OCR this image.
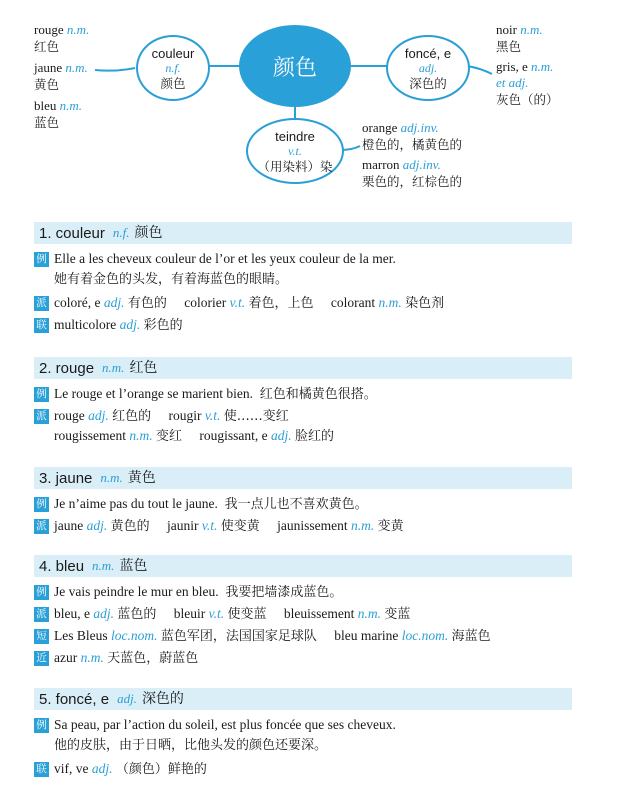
rouge n.m.
红色
jaune n.m.
黄色
bleu n.m.
蓝色
couleur
n.f.
颜色
颜色
foncé, e
adj.
深色的
teindre
v.t.
（用染料）染
noir n.m.
黑色
gris, e n.m.
et adj.
灰色（的）
orange adj.inv.
橙色的，橘黄色的
marron adj.inv.
栗色的，红棕色的
1. couleur n.f. 颜色
例 Elle a les cheveux couleur de l’or et les yeux couleur de la mer.
她有着金色的头发，有着海蓝色的眼睛。
派 coloré, e adj. 有色的 colorier v.t. 着色，上色 colorant n.m. 染色剂
联 multicolore adj. 彩色的
2. rouge n.m. 红色
例 Le rouge et l’orange se marient bien. 红色和橘黄色很搭。
派 rouge adj. 红色的 rougir v.t. 使……变红
rougissement n.m. 变红 rougissant, e adj. 脸红的
3. jaune n.m. 黄色
例 Je n’aime pas du tout le jaune. 我一点儿也不喜欢黄色。
派 jaune adj. 黄色的 jaunir v.t. 使变黄 jaunissement n.m. 变黄
4. bleu n.m. 蓝色
例 Je vais peindre le mur en bleu. 我要把墙漆成蓝色。
派 bleu, e adj. 蓝色的 bleuir v.t. 使变蓝 bleuissement n.m. 变蓝
短 Les Bleus loc.nom. 蓝色军团，法国国家足球队 bleu marine loc.nom. 海蓝色
近 azur n.m. 天蓝色，蔚蓝色
5. foncé, e adj. 深色的
例 Sa peau, par l’action du soleil, est plus foncée que ses cheveux.
他的皮肤，由于日晒，比他头发的颜色还要深。
联 vif, ve adj. （颜色）鲜艳的
